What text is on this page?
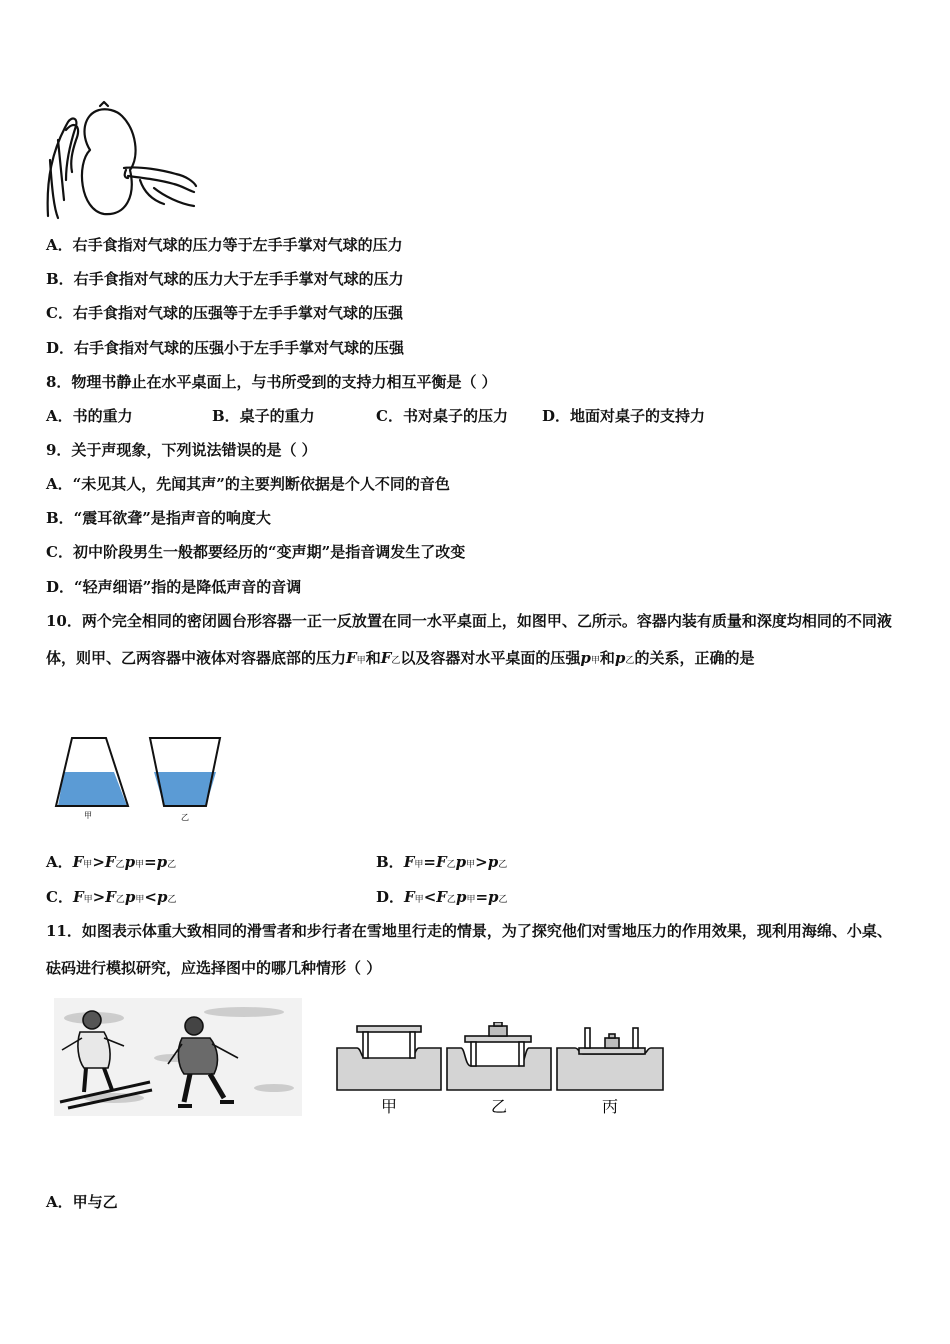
A．右手食指对气球的压力等于左手手掌对气球的压力
B．右手食指对气球的压力大于左手手掌对气球的压力
C．右手食指对气球的压强等于左手手掌对气球的压强
D．右手食指对气球的压强小于左手手掌对气球的压强
8．物理书静止在水平桌面上，与书所受到的支持力相互平衡是（ ）
A．书的重力	B．桌子的重力	C．书对桌子的压力 D．地面对桌子的支持力
9．关于声现象，下列说法错误的是（ ）
A．“未见其人，先闻其声”的主要判断依据是个人不同的音色
B．“震耳欲聋”是指声音的响度大
C．初中阶段男生一般都要经历的“变声期”是指音调发生了改变
D．“轻声细语”指的是降低声音的音调
10．两个完全相同的密闭圆台形容器一正一反放置在同一水平桌面上，如图甲、乙所示。容器内装有质量和深度均相同的不同液体，则甲、乙两容器中液体对容器底部的压力F甲和F乙以及容器对水平桌面的压强p甲和p乙的关系，正确的是
甲	乙
A．F甲>F乙p甲=p乙	B．F甲=F乙p甲>p乙
C．F甲>F乙p甲<p乙	D．F甲<F乙p甲=p乙
11．如图表示体重大致相同的滑雪者和步行者在雪地里行走的情景，为了探究他们对雪地压力的作用效果，现利用海绵、小桌、砝码进行模拟研究，应选择图中的哪几种情形（ ）
甲	乙	丙
A．甲与乙
